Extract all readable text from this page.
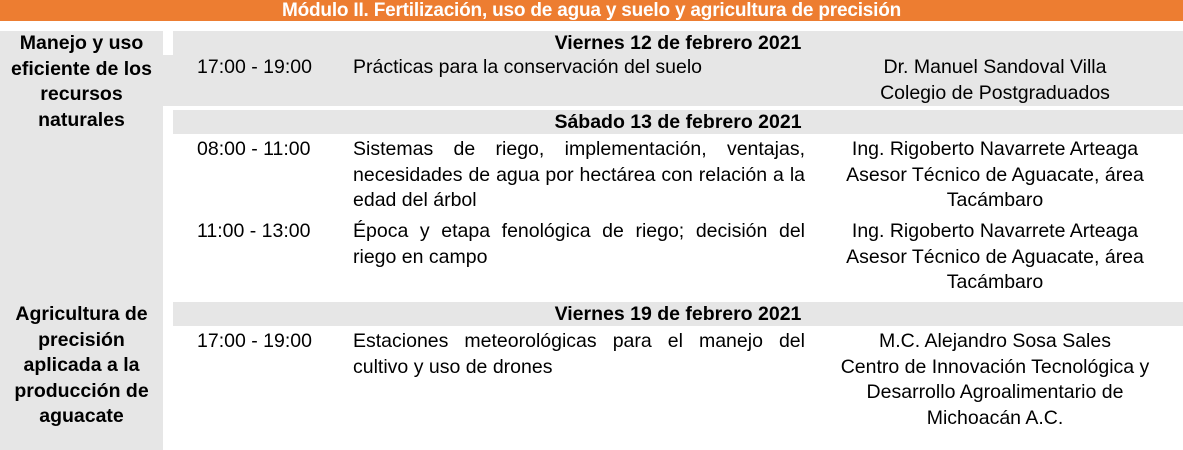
Módulo II. Fertilización, uso de agua y suelo y agricultura de precisión
Manejo y uso
eficiente de los
recursos
naturales
Viernes 12 de febrero 2021
17:00 - 19:00 Prácticas para la conservación del suelo	Dr. Manuel Sandoval Villa
Colegio de Postgraduados
Sábado 13 de febrero 2021
08:00 - 11:00 Sistemas de riego, implementación, ventajas, necesidades de agua por hectárea con relación a la edad del árbol
Ing. Rigoberto Navarrete Arteaga
Asesor Técnico de Aguacate, área
Tacámbaro
11:00 - 13:00 Época y etapa fenológica de riego; decisión del riego en campo
Ing. Rigoberto Navarrete Arteaga
Asesor Técnico de Aguacate, área
Tacámbaro
Agricultura de
precisión
aplicada a la
producción de
aguacate
Viernes 19 de febrero 2021
17:00 - 19:00 Estaciones meteorológicas para el manejo del cultivo y uso de drones
M.C. Alejandro Sosa Sales
Centro de Innovación Tecnológica y
Desarrollo Agroalimentario de
Michoacán A.C.
